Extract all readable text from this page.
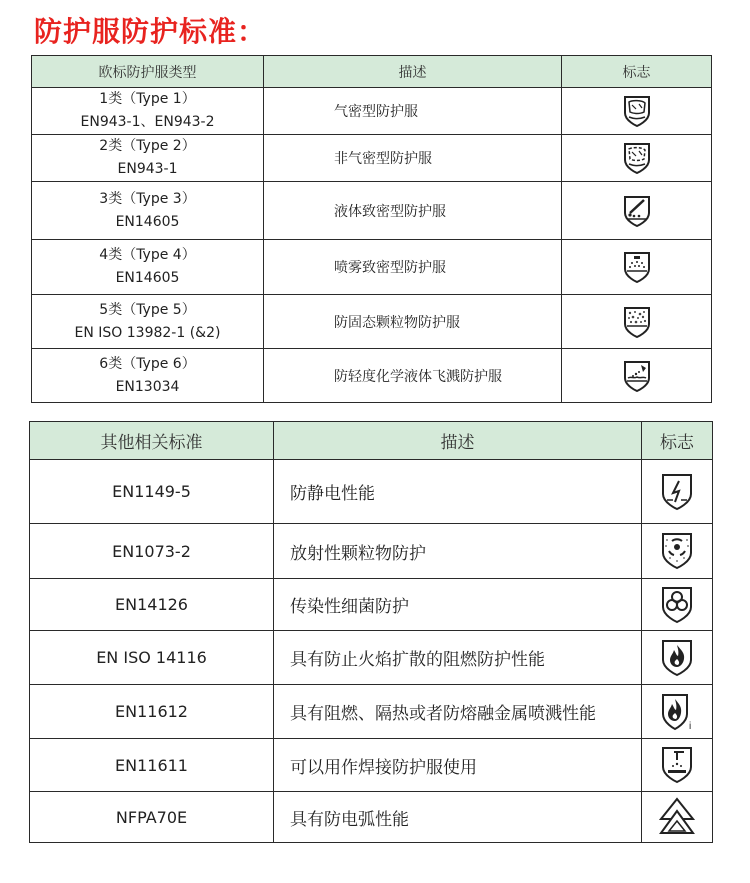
防护服防护标准：
欧标防护服类型	描述	标志

1类（Type 1）
EN943-1、EN943-2	气密型防护服	

2类（Type 2）
EN943-1	非气密型防护服	

3类（Type 3）
EN14605	液体致密型防护服	

4类（Type 4）
EN14605	喷雾致密型防护服	

5类（Type 5）
EN ISO 13982-1 (&2)	防固态颗粒物防护服	

6类（Type 6）
EN13034	防轻度化学液体飞溅防护服	
其他相关标准	描述	标志
EN1149-5	防静电性能	

EN1073-2	放射性颗粒物防护	

EN14126	传染性细菌防护	

EN ISO 14116	具有防止火焰扩散的阻燃防护性能	

EN11612	具有阻燃、隔热或者防熔融金属喷溅性能	i

EN11611	可以用作焊接防护服使用	

NFPA70E	具有防电弧性能	
